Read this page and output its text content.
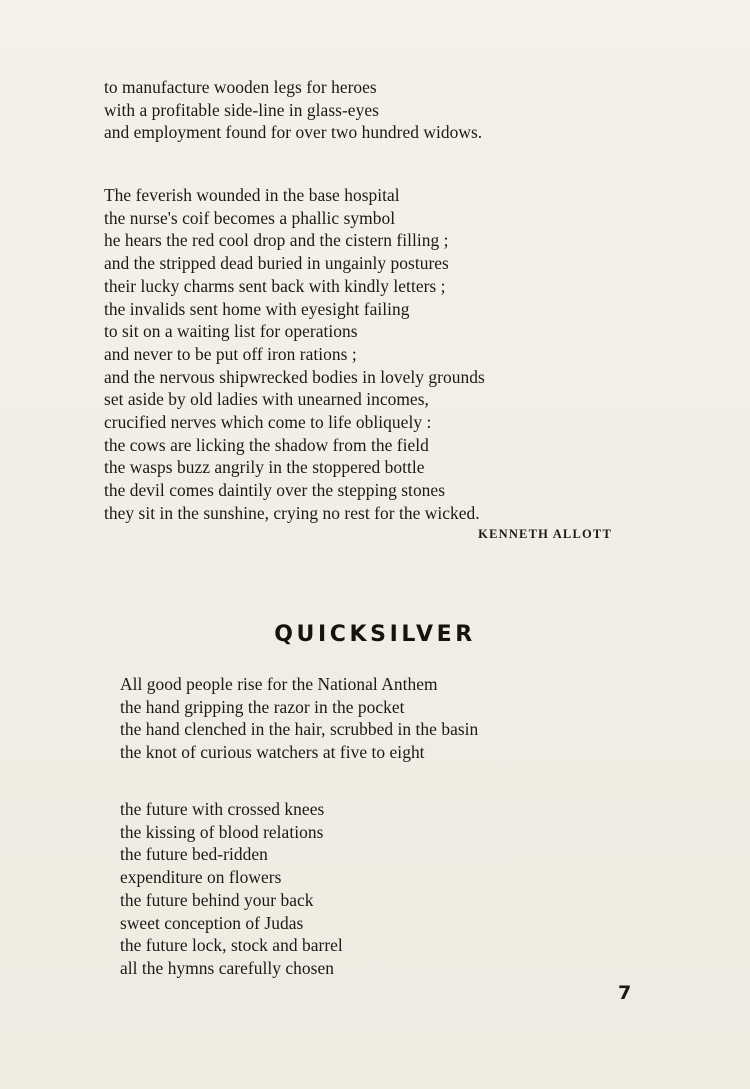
to manufacture wooden legs for heroes
with a profitable side-line in glass-eyes
and employment found for over two hundred widows.
The feverish wounded in the base hospital
the nurse's coif becomes a phallic symbol
he hears the red cool drop and the cistern filling ;
and the stripped dead buried in ungainly postures
their lucky charms sent back with kindly letters ;
the invalids sent home with eyesight failing
to sit on a waiting list for operations
and never to be put off iron rations ;
and the nervous shipwrecked bodies in lovely grounds
set aside by old ladies with unearned incomes,
crucified nerves which come to life obliquely :
the cows are licking the shadow from the field
the wasps buzz angrily in the stoppered bottle
the devil comes daintily over the stepping stones
they sit in the sunshine, crying no rest for the wicked.
KENNETH ALLOTT
QUICKSILVER
All good people rise for the National Anthem
the hand gripping the razor in the pocket
the hand clenched in the hair, scrubbed in the basin
the knot of curious watchers at five to eight
the future with crossed knees
the kissing of blood relations
the future bed-ridden
expenditure on flowers
the future behind your back
sweet conception of Judas
the future lock, stock and barrel
all the hymns carefully chosen
7
